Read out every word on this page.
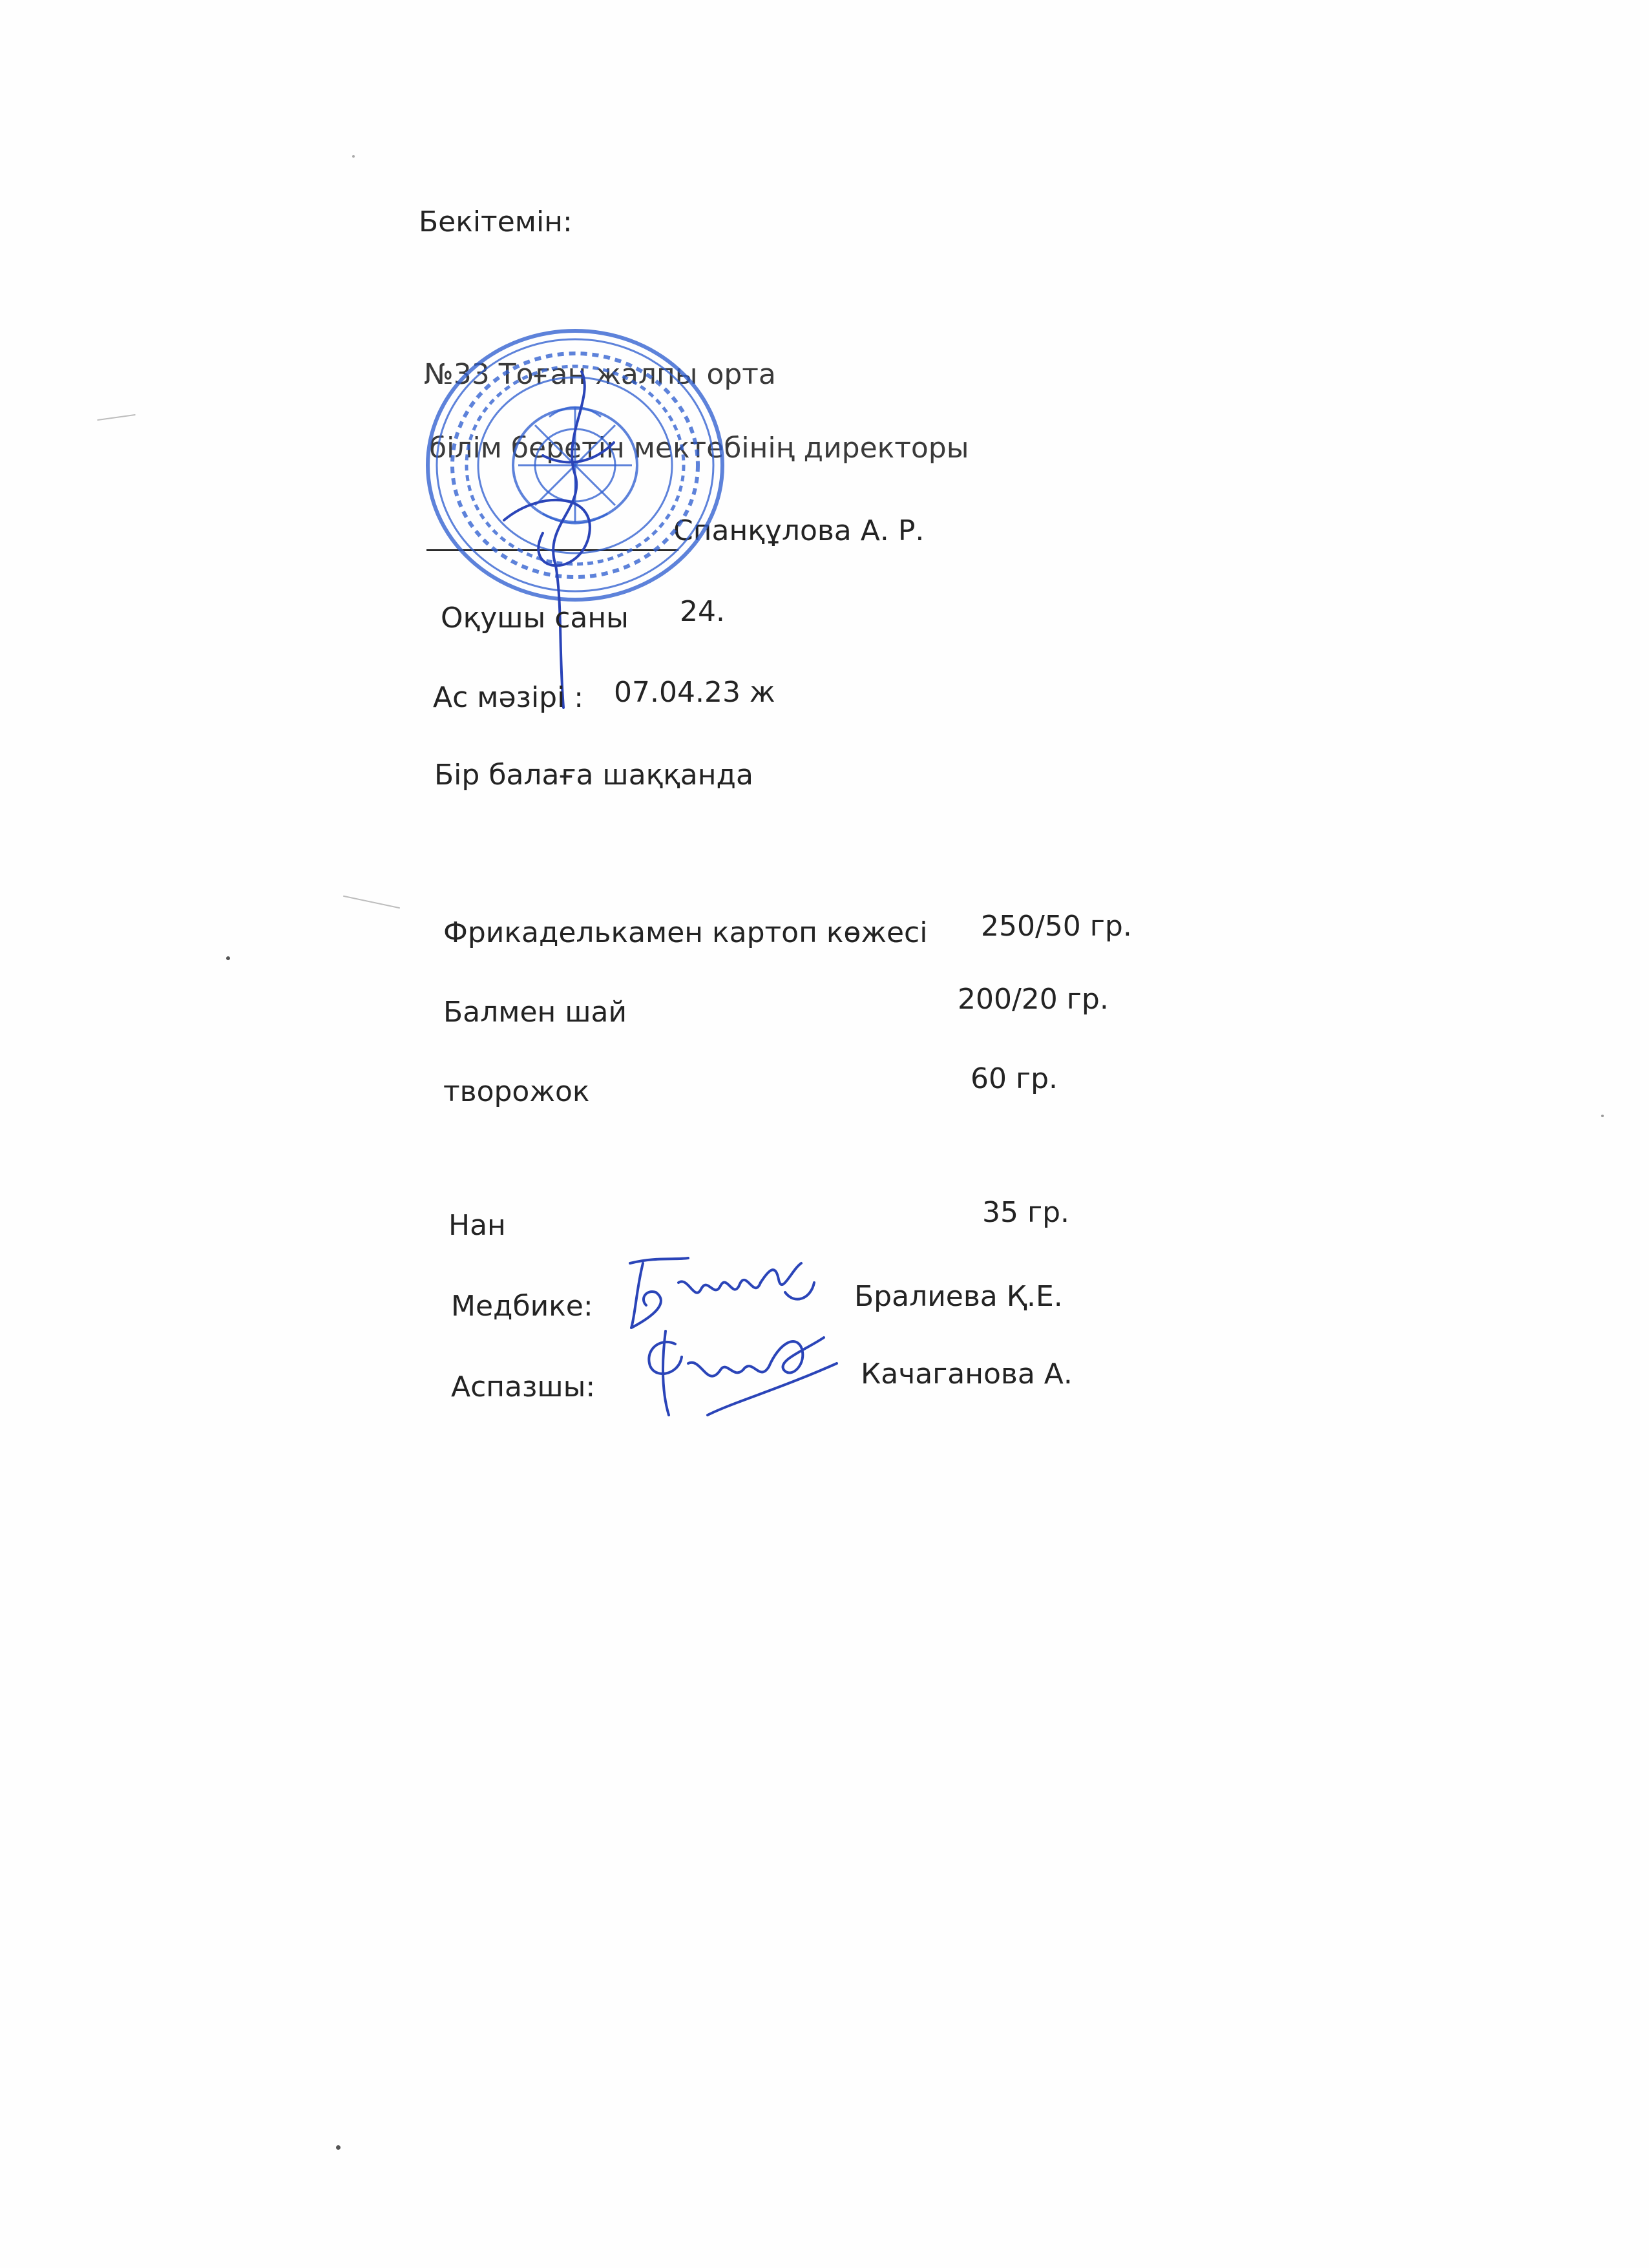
Бекітемін:
№33 Тоған жалпы орта
білім беретін мектебінің директоры
Спанқұлова А. Р.
Оқушы саны 24.
Ас мәзірі : 07.04.23 ж
Бір балаға шаққанда
Фрикаделькамен картоп көжесі 250/50 гр.
Балмен шай	200/20 гр.
творожок	60 гр.
Нан	35 гр.
Медбике:	Бралиева Қ.Е.
Аспазшы:	Качаганова А.
